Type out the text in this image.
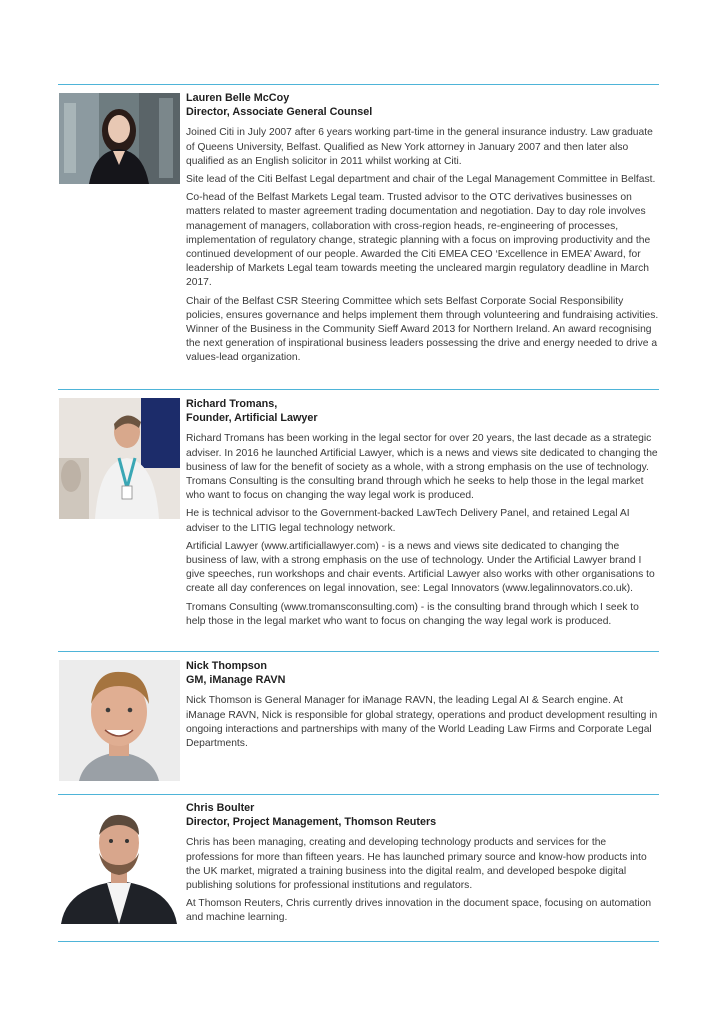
Lauren Belle McCoy
Director, Associate General Counsel

Joined Citi in July 2007 after 6 years working part-time in the general insurance industry. Law graduate of Queens University, Belfast. Qualified as New York attorney in January 2007 and then later also qualified as an English solicitor in 2011 whilst working at Citi.

Site lead of the Citi Belfast Legal department and chair of the Legal Management Committee in Belfast.

Co-head of the Belfast Markets Legal team. Trusted advisor to the OTC derivatives businesses on matters related to master agreement trading documentation and negotiation. Day to day role involves management of managers, collaboration with cross-region heads, re-engineering of processes, implementation of regulatory change, strategic planning with a focus on improving productivity and the continued development of our people. Awarded the Citi EMEA CEO ‘Excellence in EMEA’ Award, for leadership of Markets Legal team towards meeting the uncleared margin regulatory deadline in March 2017.

Chair of the Belfast CSR Steering Committee which sets Belfast Corporate Social Responsibility policies, ensures governance and helps implement them through volunteering and fundraising activities. Winner of the Business in the Community Sieff Award 2013 for Northern Ireland. An award recognising the next generation of inspirational business leaders possessing the drive and energy needed to drive a values-lead organization.

Richard Tromans,
Founder, Artificial Lawyer

Richard Tromans has been working in the legal sector for over 20 years, the last decade as a strategic adviser. In 2016 he launched Artificial Lawyer, which is a news and views site dedicated to changing the business of law for the benefit of society as a whole, with a strong emphasis on the use of technology. Tromans Consulting is the consulting brand through which he seeks to help those in the legal market who want to focus on changing the way legal work is produced.

He is technical advisor to the Government-backed LawTech Delivery Panel, and retained Legal AI adviser to the LITIG legal technology network.

Artificial Lawyer (www.artificiallawyer.com) - is a news and views site dedicated to changing the business of law, with a strong emphasis on the use of technology. Under the Artificial Lawyer brand I give speeches, run workshops and chair events. Artificial Lawyer also works with other organisations to create all day conferences on legal innovation, see: Legal Innovators (www.legalinnovators.co.uk).

Tromans Consulting (www.tromansconsulting.com) - is the consulting brand through which I seek to help those in the legal market who want to focus on changing the way legal work is produced.

Nick Thompson
GM, iManage RAVN

Nick Thomson is General Manager for iManage RAVN, the leading Legal AI & Search engine. At iManage RAVN, Nick is responsible for global strategy, operations and product development resulting in ongoing interactions and partnerships with many of the World Leading Law Firms and Corporate Legal Departments.

Chris Boulter
Director, Project Management, Thomson Reuters

Chris has been managing, creating and developing technology products and services for the professions for more than fifteen years. He has launched primary source and know-how products into the UK market, migrated a training business into the digital realm, and developed bespoke digital publishing solutions for professional institutions and regulators.

At Thomson Reuters, Chris currently drives innovation in the document space, focusing on automation and machine learning.
